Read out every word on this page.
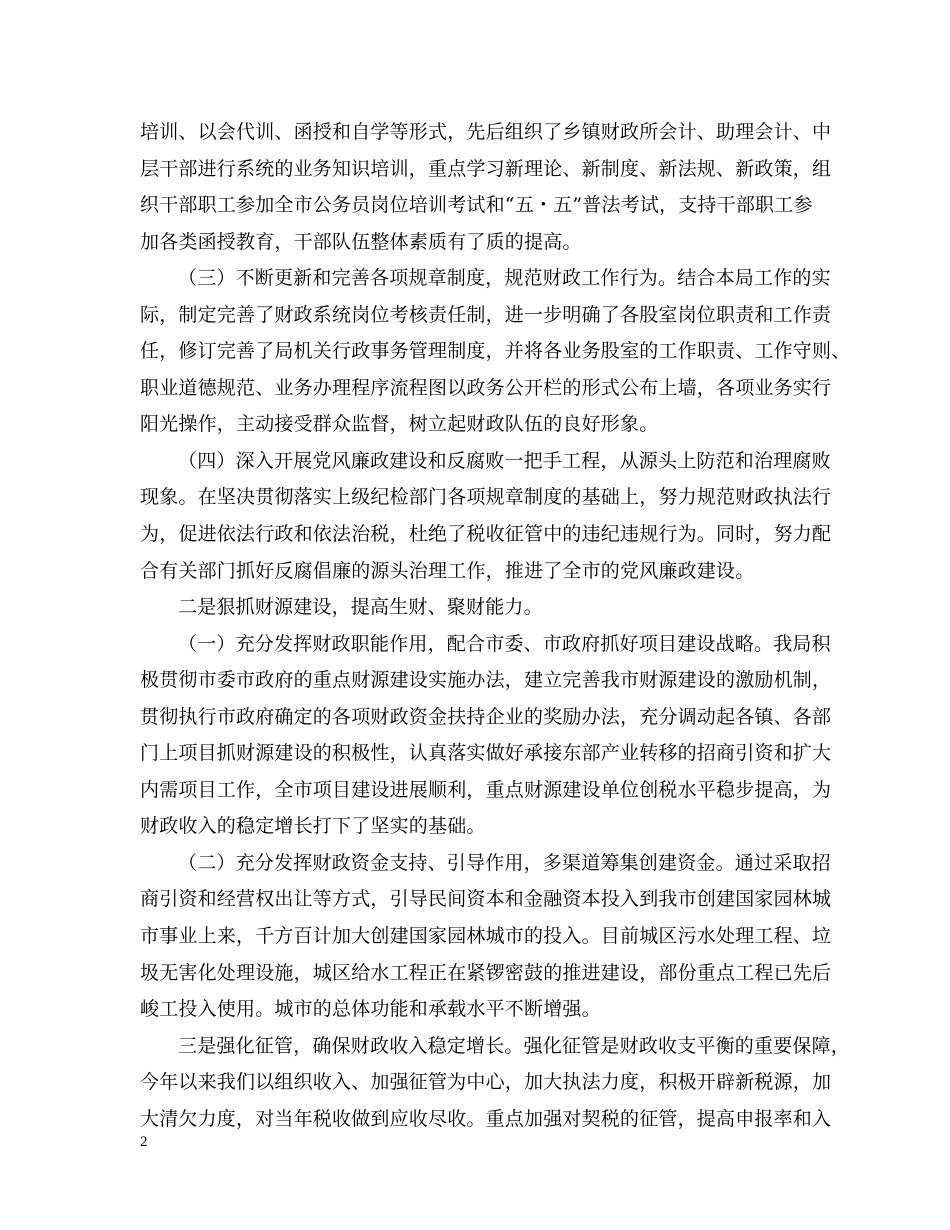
培训、以会代训、函授和自学等形式，先后组织了乡镇财政所会计、助理会计、中
层干部进行系统的业务知识培训，重点学习新理论、新制度、新法规、新政策，组
织干部职工参加全市公务员岗位培训考试和“五・五”普法考试，支持干部职工参
加各类函授教育，干部队伍整体素质有了质的提高。
（三）不断更新和完善各项规章制度，规范财政工作行为。结合本局工作的实
际，制定完善了财政系统岗位考核责任制，进一步明确了各股室岗位职责和工作责
任，修订完善了局机关行政事务管理制度，并将各业务股室的工作职责、工作守则、
职业道德规范、业务办理程序流程图以政务公开栏的形式公布上墙，各项业务实行
阳光操作，主动接受群众监督，树立起财政队伍的良好形象。
（四）深入开展党风廉政建设和反腐败一把手工程，从源头上防范和治理腐败
现象。在坚决贯彻落实上级纪检部门各项规章制度的基础上，努力规范财政执法行
为，促进依法行政和依法治税，杜绝了税收征管中的违纪违规行为。同时，努力配
合有关部门抓好反腐倡廉的源头治理工作，推进了全市的党风廉政建设。
二是狠抓财源建设，提高生财、聚财能力。
（一）充分发挥财政职能作用，配合市委、市政府抓好项目建设战略。我局积
极贯彻市委市政府的重点财源建设实施办法，建立完善我市财源建设的激励机制，
贯彻执行市政府确定的各项财政资金扶持企业的奖励办法，充分调动起各镇、各部
门上项目抓财源建设的积极性，认真落实做好承接东部产业转移的招商引资和扩大
内需项目工作，全市项目建设进展顺利，重点财源建设单位创税水平稳步提高，为
财政收入的稳定增长打下了坚实的基础。
（二）充分发挥财政资金支持、引导作用，多渠道筹集创建资金。通过采取招
商引资和经营权出让等方式，引导民间资本和金融资本投入到我市创建国家园林城
市事业上来，千方百计加大创建国家园林城市的投入。目前城区污水处理工程、垃
圾无害化处理设施，城区给水工程正在紧锣密鼓的推进建设，部份重点工程已先后
峻工投入使用。城市的总体功能和承载水平不断增强。
三是强化征管，确保财政收入稳定增长。强化征管是财政收支平衡的重要保障，
今年以来我们以组织收入、加强征管为中心，加大执法力度，积极开辟新税源，加
大清欠力度，对当年税收做到应收尽收。重点加强对契税的征管，提高申报率和入
2
